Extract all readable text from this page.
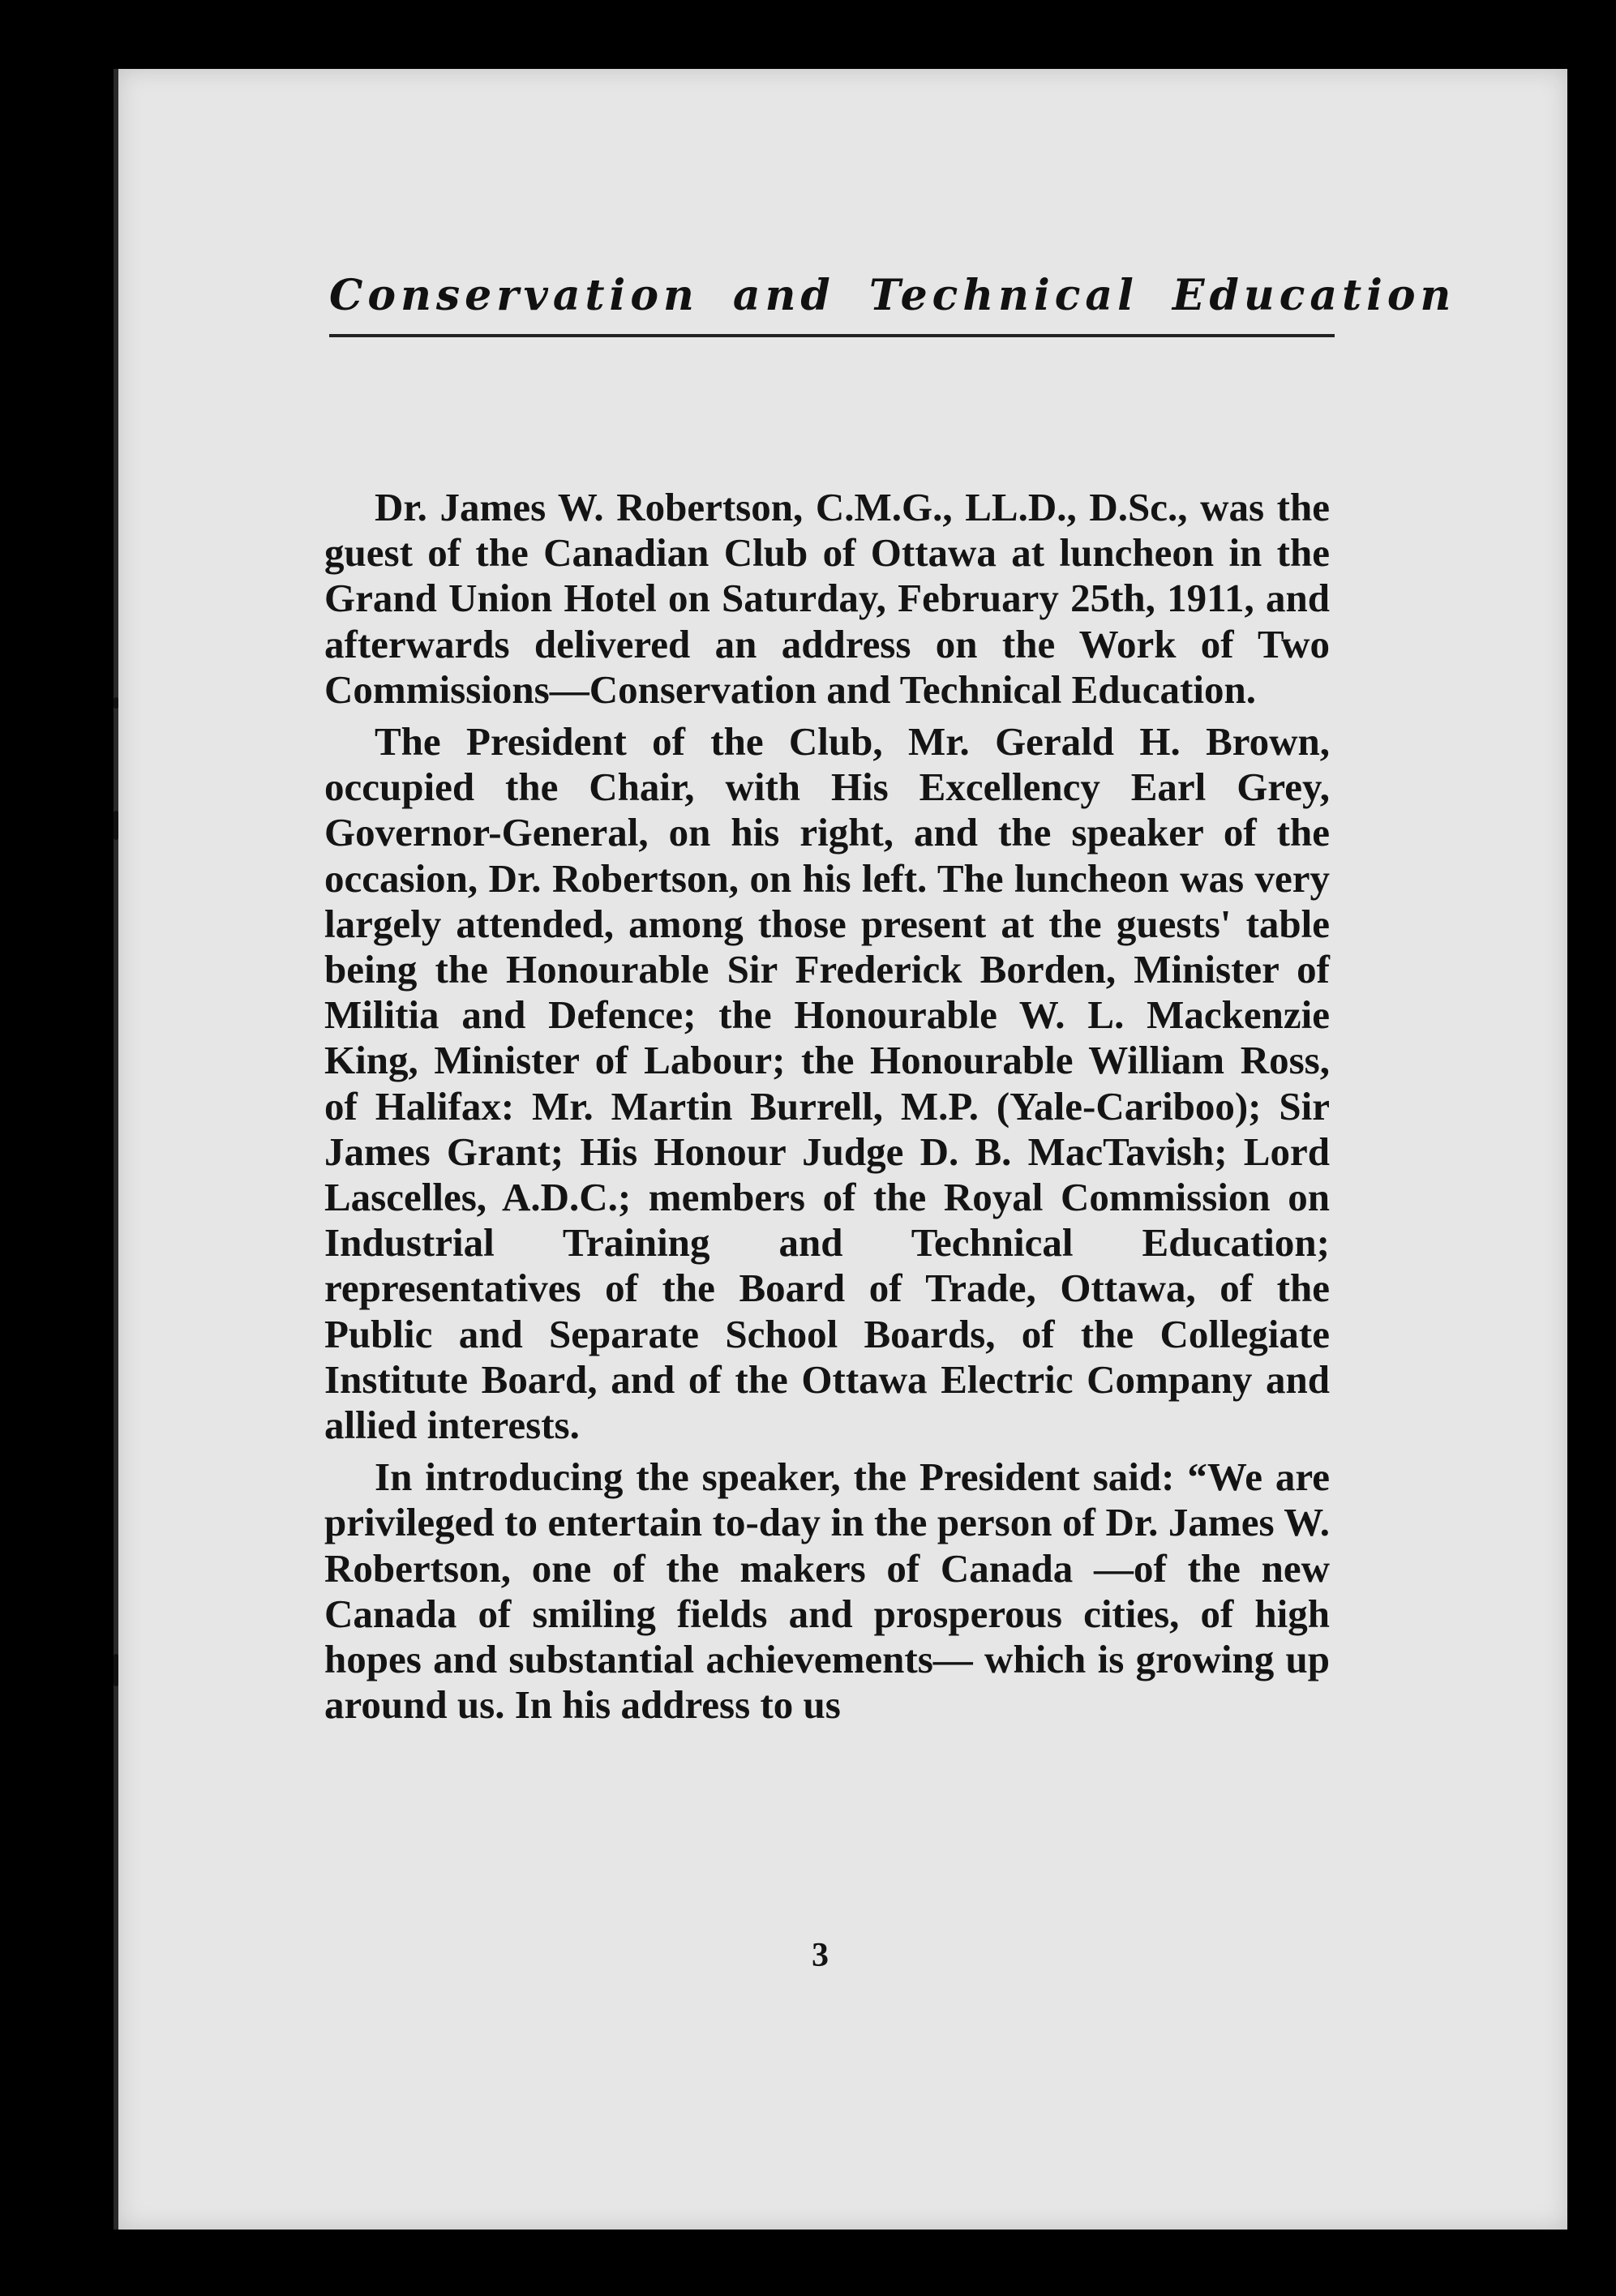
Conservation and Technical Education

Dr. James W. Robertson, C.M.G., LL.D., D.Sc., was the guest of the Canadian Club of Ottawa at luncheon in the Grand Union Hotel on Saturday, February 25th, 1911, and afterwards delivered an address on the Work of Two Commissions—Conservation and Technical Education.

The President of the Club, Mr. Gerald H. Brown, occupied the Chair, with His Excellency Earl Grey, Governor-General, on his right, and the speaker of the occasion, Dr. Robertson, on his left. The luncheon was very largely attended, among those present at the guests' table being the Honourable Sir Frederick Borden, Minister of Militia and Defence; the Honourable W. L. Mackenzie King, Minister of Labour; the Honourable William Ross, of Halifax: Mr. Martin Burrell, M.P. (Yale-Cariboo); Sir James Grant; His Honour Judge D. B. MacTavish; Lord Lascelles, A.D.C.; members of the Royal Commission on Industrial Training and Technical Education; representatives of the Board of Trade, Ottawa, of the Public and Separate School Boards, of the Collegiate Institute Board, and of the Ottawa Electric Company and allied interests.

In introducing the speaker, the President said: “We are privileged to entertain to-day in the person of Dr. James W. Robertson, one of the makers of Canada —of the new Canada of smiling fields and prosperous cities, of high hopes and substantial achievements— which is growing up around us. In his address to us

3
